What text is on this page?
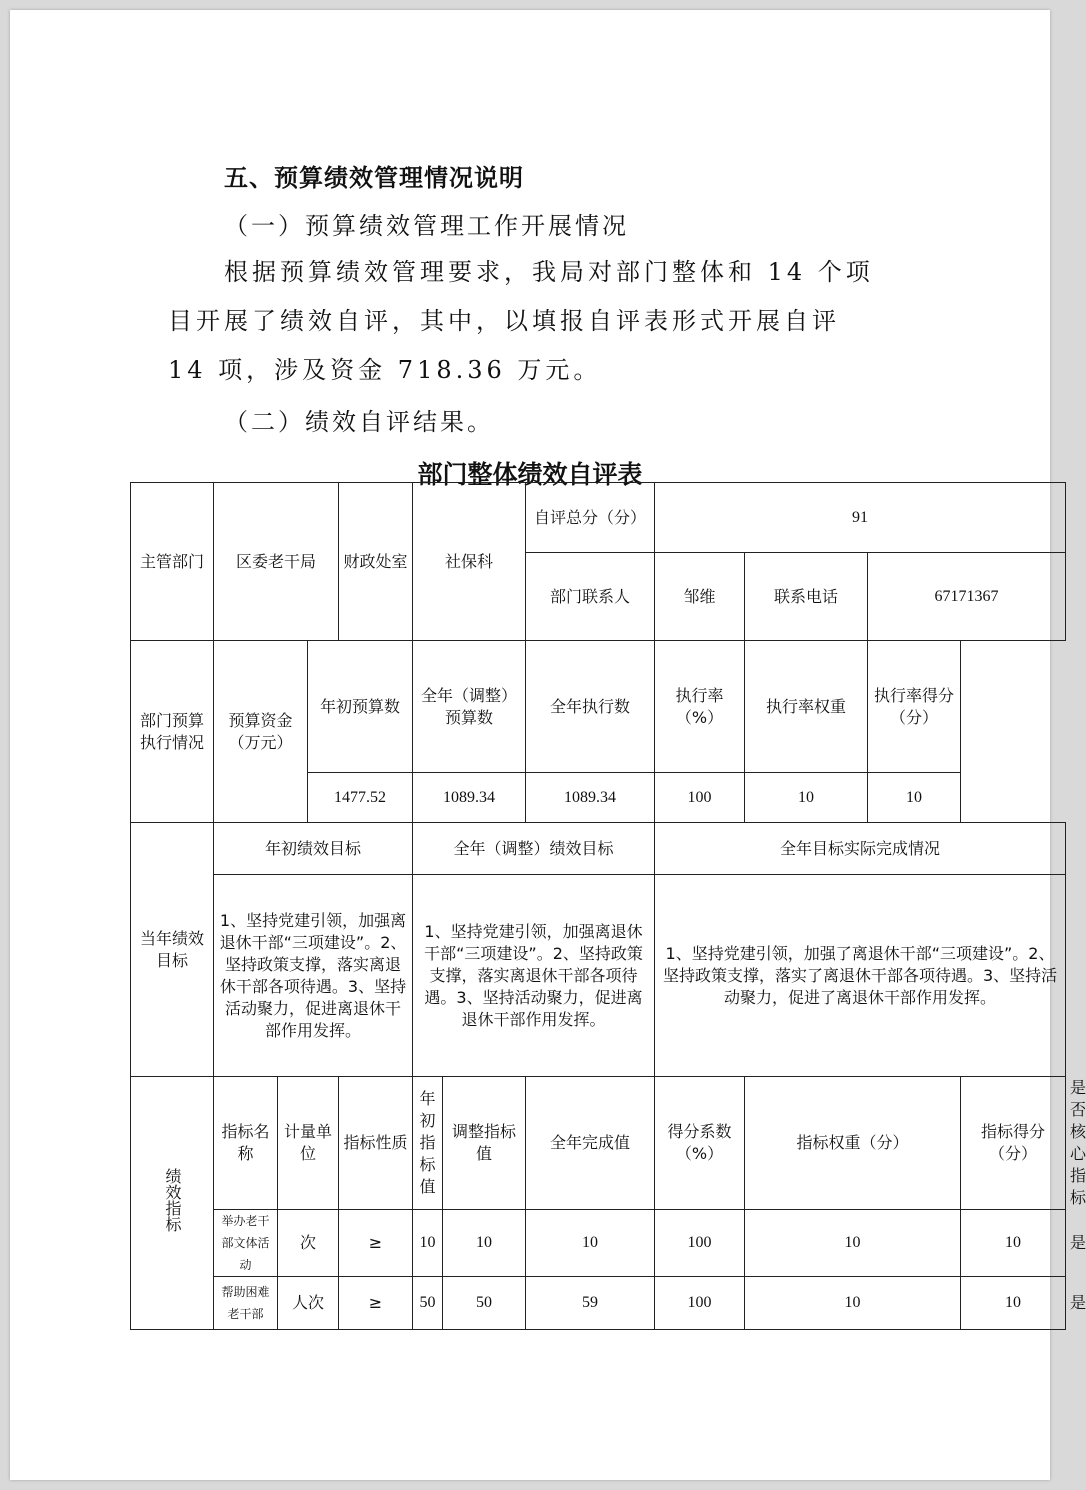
五、预算绩效管理情况说明
（一）预算绩效管理工作开展情况
根据预算绩效管理要求，我局对部门整体和 14 个项目开展了绩效自评，其中，以填报自评表形式开展自评 14 项，涉及资金 718.36 万元。
（二）绩效自评结果。
部门整体绩效自评表
主管部门	区委老干局			财政处室	社保科		自评总分（分）	91				
							部门联系人	邹维	联系电话	67171367		
部门预算执行情况	预算资金（万元）		年初预算数		全年（调整）预算数		全年执行数	执行率（%）	执行率权重	执行率得分（分）	
			1477.52		1089.34		1089.34	100	10	10		
当年绩效目标	年初绩效目标				全年（调整）绩效目标			全年目标实际完成情况				
	1、坚持党建引领，加强离退休干部“三项建设”。2、坚持政策支撑，落实离退休干部各项待遇。3、坚持活动聚力，促进离退休干部作用发挥。				1、坚持党建引领，加强离退休干部“三项建设”。2、坚持政策支撑，落实离退休干部各项待遇。3、坚持活动聚力，促进离退休干部作用发挥。			1、坚持党建引领，加强了离退休干部“三项建设”。2、坚持政策支撑，落实了离退休干部各项待遇。3、坚持活动聚力，促进了离退休干部作用发挥。				
绩效指标	指标名称	计量单位		指标性质	年初指标值	调整指标值	全年完成值	得分系数（%）	指标权重（分）		指标得分（分）	是否核心指标
	举办老干部文体活动	次		≥	10	10	10	100	10		10	是
	帮助困难老干部	人次		≥	50	50	59	100	10		10	是
